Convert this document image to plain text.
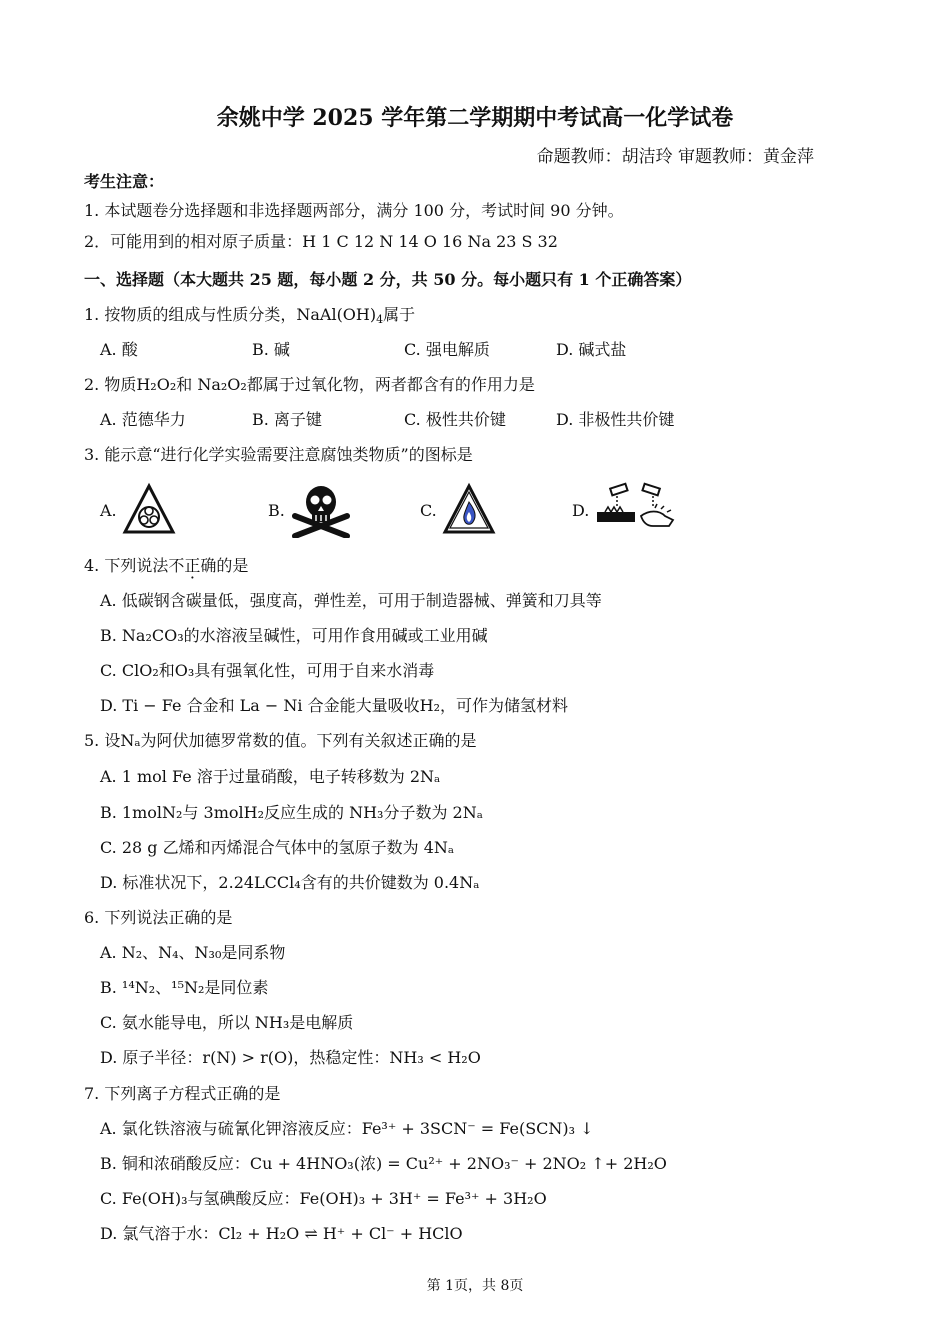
余姚中学 2025 学年第二学期期中考试高一化学试卷
命题教师：胡洁玲 审题教师：黄金萍
考生注意：
1. 本试题卷分选择题和非选择题两部分，满分 100 分，考试时间 90 分钟。
2．可能用到的相对原子质量：H 1 C 12 N 14 O 16 Na 23 S 32
一、选择题（本大题共 25 题，每小题 2 分，共 50 分。每小题只有 1 个正确答案）
1. 按物质的组成与性质分类，$NaAl(OH)_4$属于
A. 酸	B. 碱	C. 强电解质	D. 碱式盐
2. 物质H₂O₂和 Na₂O₂都属于过氧化物，两者都含有的作用力是
A. 范德华力	B. 离子键	C. 极性共价键	D. 非极性共价键
3. 能示意“进行化学实验需要注意腐蚀类物质”的图标是
A.	B.	C.	D.
4. 下列说法不正确的是
A. 低碳钢含碳量低，强度高，弹性差，可用于制造器械、弹簧和刀具等
B. Na₂CO₃的水溶液呈碱性，可用作食用碱或工业用碱
C. ClO₂和O₃具有强氧化性，可用于自来水消毒
D. Ti − Fe 合金和 La − Ni 合金能大量吸收H₂，可作为储氢材料
5. 设Nₐ为阿伏加德罗常数的值。下列有关叙述正确的是
A. 1 mol Fe 溶于过量硝酸，电子转移数为 2Nₐ
B. 1molN₂与 3molH₂反应生成的 NH₃分子数为 2Nₐ
C. 28 g 乙烯和丙烯混合气体中的氢原子数为 4Nₐ
D. 标准状况下，2.24LCCl₄含有的共价键数为 0.4Nₐ
6. 下列说法正确的是
A. N₂、N₄、N₃₀是同系物
B. ¹⁴N₂、¹⁵N₂是同位素
C. 氨水能导电，所以 NH₃是电解质
D. 原子半径：r(N) > r(O)，热稳定性：NH₃ < H₂O
7. 下列离子方程式正确的是
A. 氯化铁溶液与硫氰化钾溶液反应：Fe³⁺ + 3SCN⁻ = Fe(SCN)₃ ↓
B. 铜和浓硝酸反应：Cu + 4HNO₃(浓) = Cu²⁺ + 2NO₃⁻ + 2NO₂ ↑+ 2H₂O
C. Fe(OH)₃与氢碘酸反应：Fe(OH)₃ + 3H⁺ = Fe³⁺ + 3H₂O
D. 氯气溶于水：Cl₂ + H₂O ⇌ H⁺ + Cl⁻ + HClO
第 1页，共 8页
